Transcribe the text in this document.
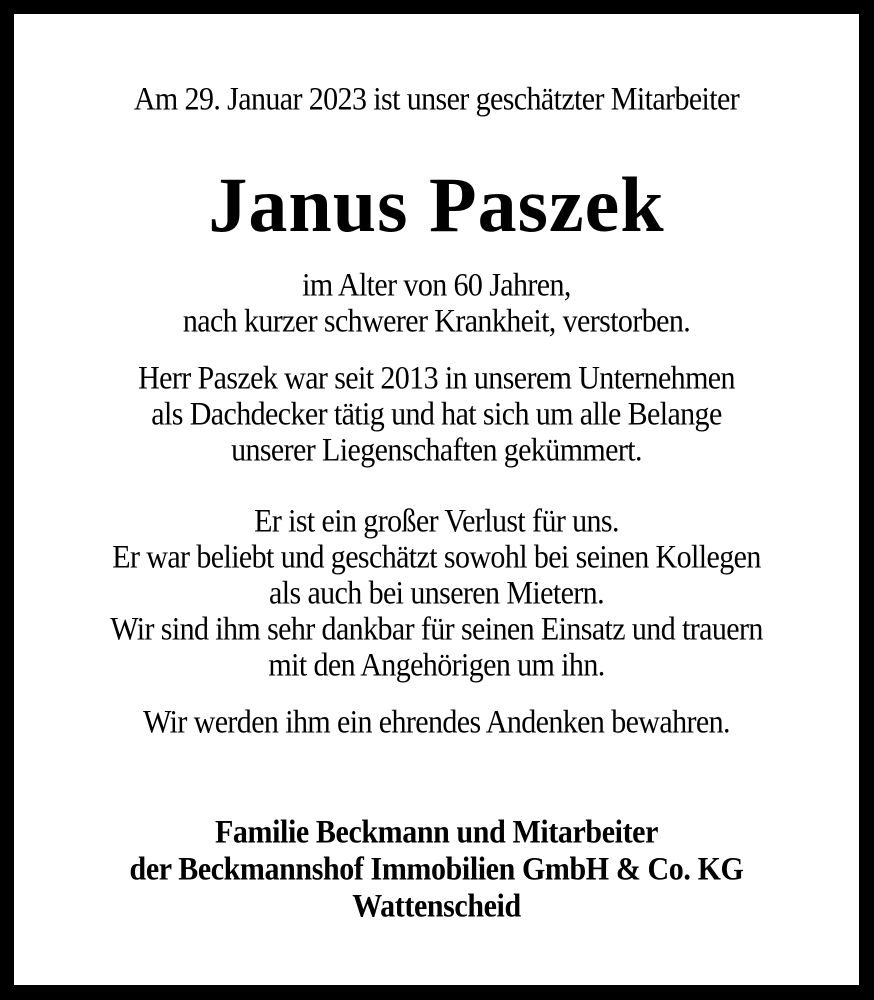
Am 29. Januar 2023 ist unser geschätzter Mitarbeiter
Janus Paszek
im Alter von 60 Jahren,
nach kurzer schwerer Krankheit, verstorben.
Herr Paszek war seit 2013 in unserem Unternehmen
als Dachdecker tätig und hat sich um alle Belange
unserer Liegenschaften gekümmert.
Er ist ein großer Verlust für uns.
Er war beliebt und geschätzt sowohl bei seinen Kollegen
als auch bei unseren Mietern.
Wir sind ihm sehr dankbar für seinen Einsatz und trauern
mit den Angehörigen um ihn.
Wir werden ihm ein ehrendes Andenken bewahren.
Familie Beckmann und Mitarbeiter
der Beckmannshof Immobilien GmbH & Co. KG
Wattenscheid
